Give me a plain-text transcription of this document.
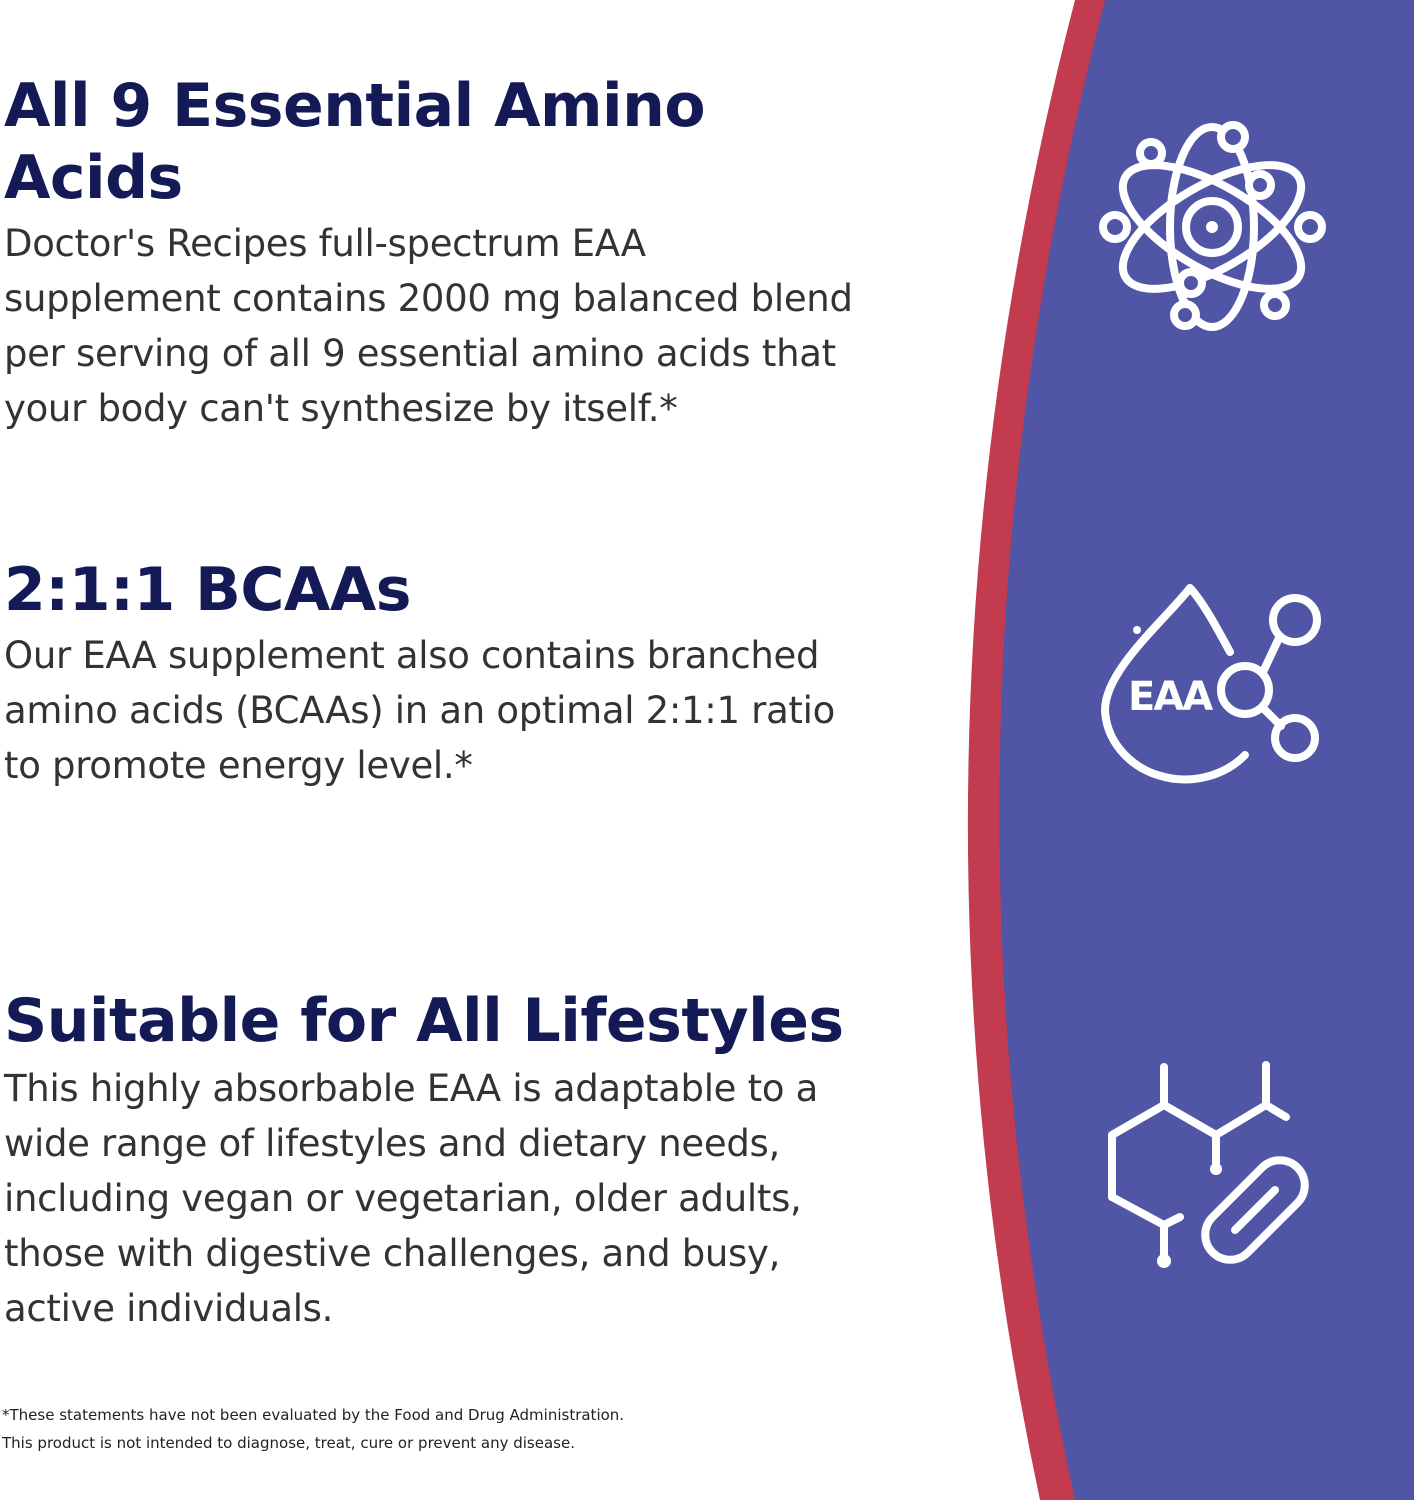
All 9 Essential Amino Acids

Doctor's Recipes full-spectrum EAA
supplement contains 2000 mg balanced blend
per serving of all 9 essential amino acids that
your body can't synthesize by itself.*

2:1:1 BCAAs

Our EAA supplement also contains branched
amino acids (BCAAs) in an optimal 2:1:1 ratio
to promote energy level.*

Suitable for All Lifestyles

This highly absorbable EAA is adaptable to a
wide range of lifestyles and dietary needs,
including vegan or vegetarian, older adults,
those with digestive challenges, and busy,
active individuals.

*These statements have not been evaluated by the Food and Drug Administration.

This product is not intended to diagnose, treat, cure or prevent any disease.

EAA
